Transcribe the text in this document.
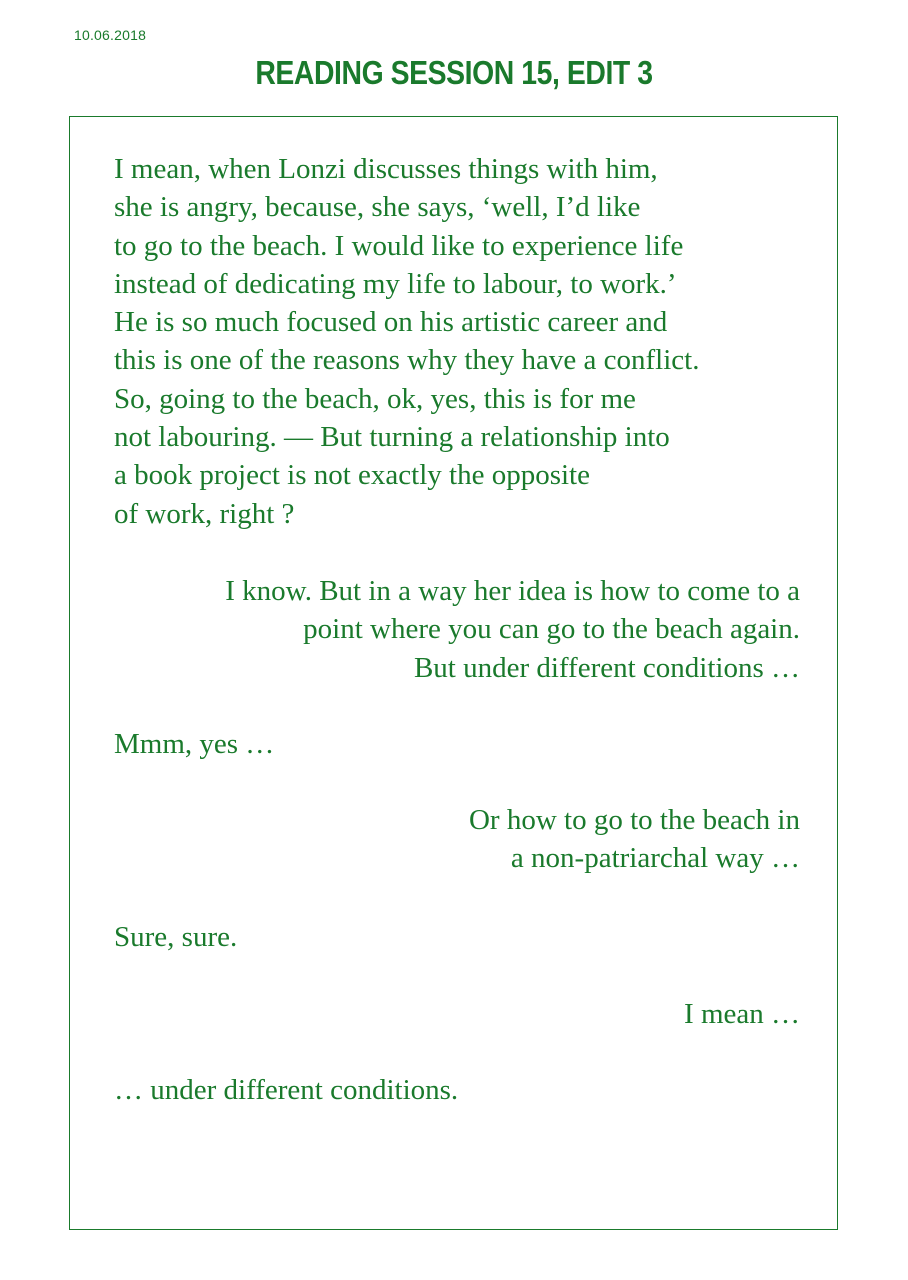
10.06.2018
READING SESSION 15, EDIT 3
I mean, when Lonzi discusses things with him,
she is angry, because, she says, ‘well, I’d like
to go to the beach. I would like to experience life
instead of dedicating my life to labour, to work.’
He is so much focused on his artistic career and
this is one of the reasons why they have a conflict.
So, going to the beach, ok, yes, this is for me
not labouring. — But turning a relationship into
a book project is not exactly the opposite
of work, right ?
I know. But in a way her idea is how to come to a
point where you can go to the beach again.
But under different conditions …
Mmm, yes …
Or how to go to the beach in
a non-patriarchal way …
Sure, sure.
I mean …
… under different conditions.
